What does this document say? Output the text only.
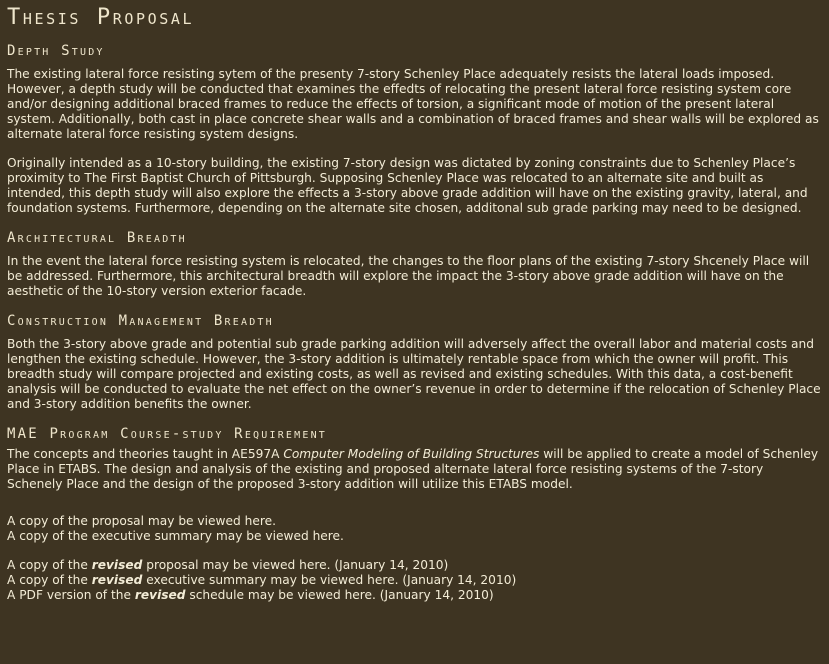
Thesis Proposal
Depth Study

The existing lateral force resisting sytem of the presenty 7-story Schenley Place adequately resists the lateral loads imposed. However, a depth study will be conducted that examines the effedts of relocating the present lateral force resisting system core and/or designing additional braced frames to reduce the effects of torsion, a significant mode of motion of the present lateral system. Additionally, both cast in place concrete shear walls and a combination of braced frames and shear walls will be explored as alternate lateral force resisting system designs.

Originally intended as a 10-story building, the existing 7-story design was dictated by zoning constraints due to Schenley Place’s proximity to The First Baptist Church of Pittsburgh. Supposing Schenley Place was relocated to an alternate site and built as intended, this depth study will also explore the effects a 3-story above grade addition will have on the existing gravity, lateral, and foundation systems. Furthermore, depending on the alternate site chosen, additonal sub grade parking may need to be designed.

Architectural Breadth

In the event the lateral force resisting system is relocated, the changes to the floor plans of the existing 7-story Shcenely Place will be addressed. Furthermore, this architectural breadth will explore the impact the 3-story above grade addition will have on the aesthetic of the 10-story version exterior facade.

Construction Management Breadth

Both the 3-story above grade and potential sub grade parking addition will adversely affect the overall labor and material costs and lengthen the existing schedule. However, the 3-story addition is ultimately rentable space from which the owner will profit. This breadth study will compare projected and existing costs, as well as revised and existing schedules. With this data, a cost-benefit analysis will be conducted to evaluate the net effect on the owner’s revenue in order to determine if the relocation of Schenley Place and 3-story addition benefits the owner.

MAE Program Course-study Requirement

The concepts and theories taught in AE597A Computer Modeling of Building Structures will be applied to create a model of Schenley Place in ETABS. The design and analysis of the existing and proposed alternate lateral force resisting systems of the 7-story Schenely Place and the design of the proposed 3-story addition will utilize this ETABS model.

A copy of the proposal may be viewed here.
A copy of the executive summary may be viewed here.
A copy of the revised proposal may be viewed here. (January 14, 2010)
A copy of the revised executive summary may be viewed here. (January 14, 2010)
A PDF version of the revised schedule may be viewed here. (January 14, 2010)
